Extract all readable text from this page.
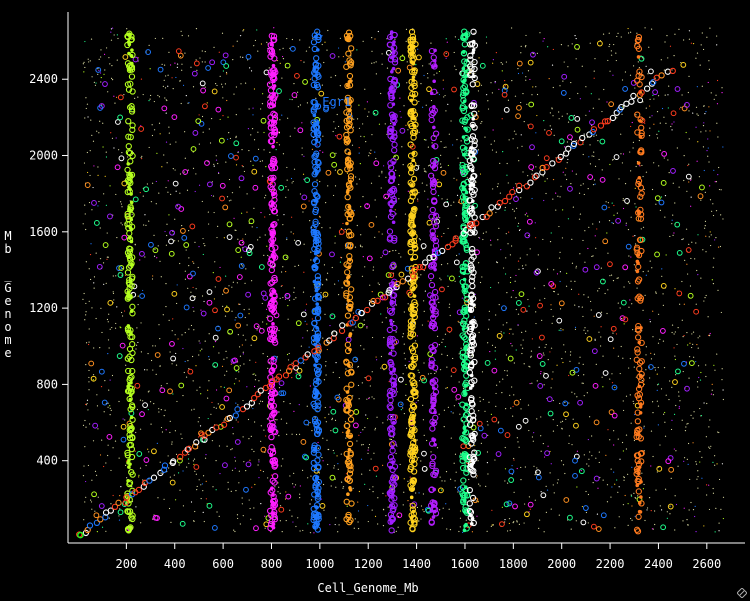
200 400 600 800 1000 1200 1400 1600 1800 2000 2200 2400 2600
400
800
1200
1600
2000
2400
Cell_Genome_Mb
M
b
_
G
e
n
o
m
e
Egr1
